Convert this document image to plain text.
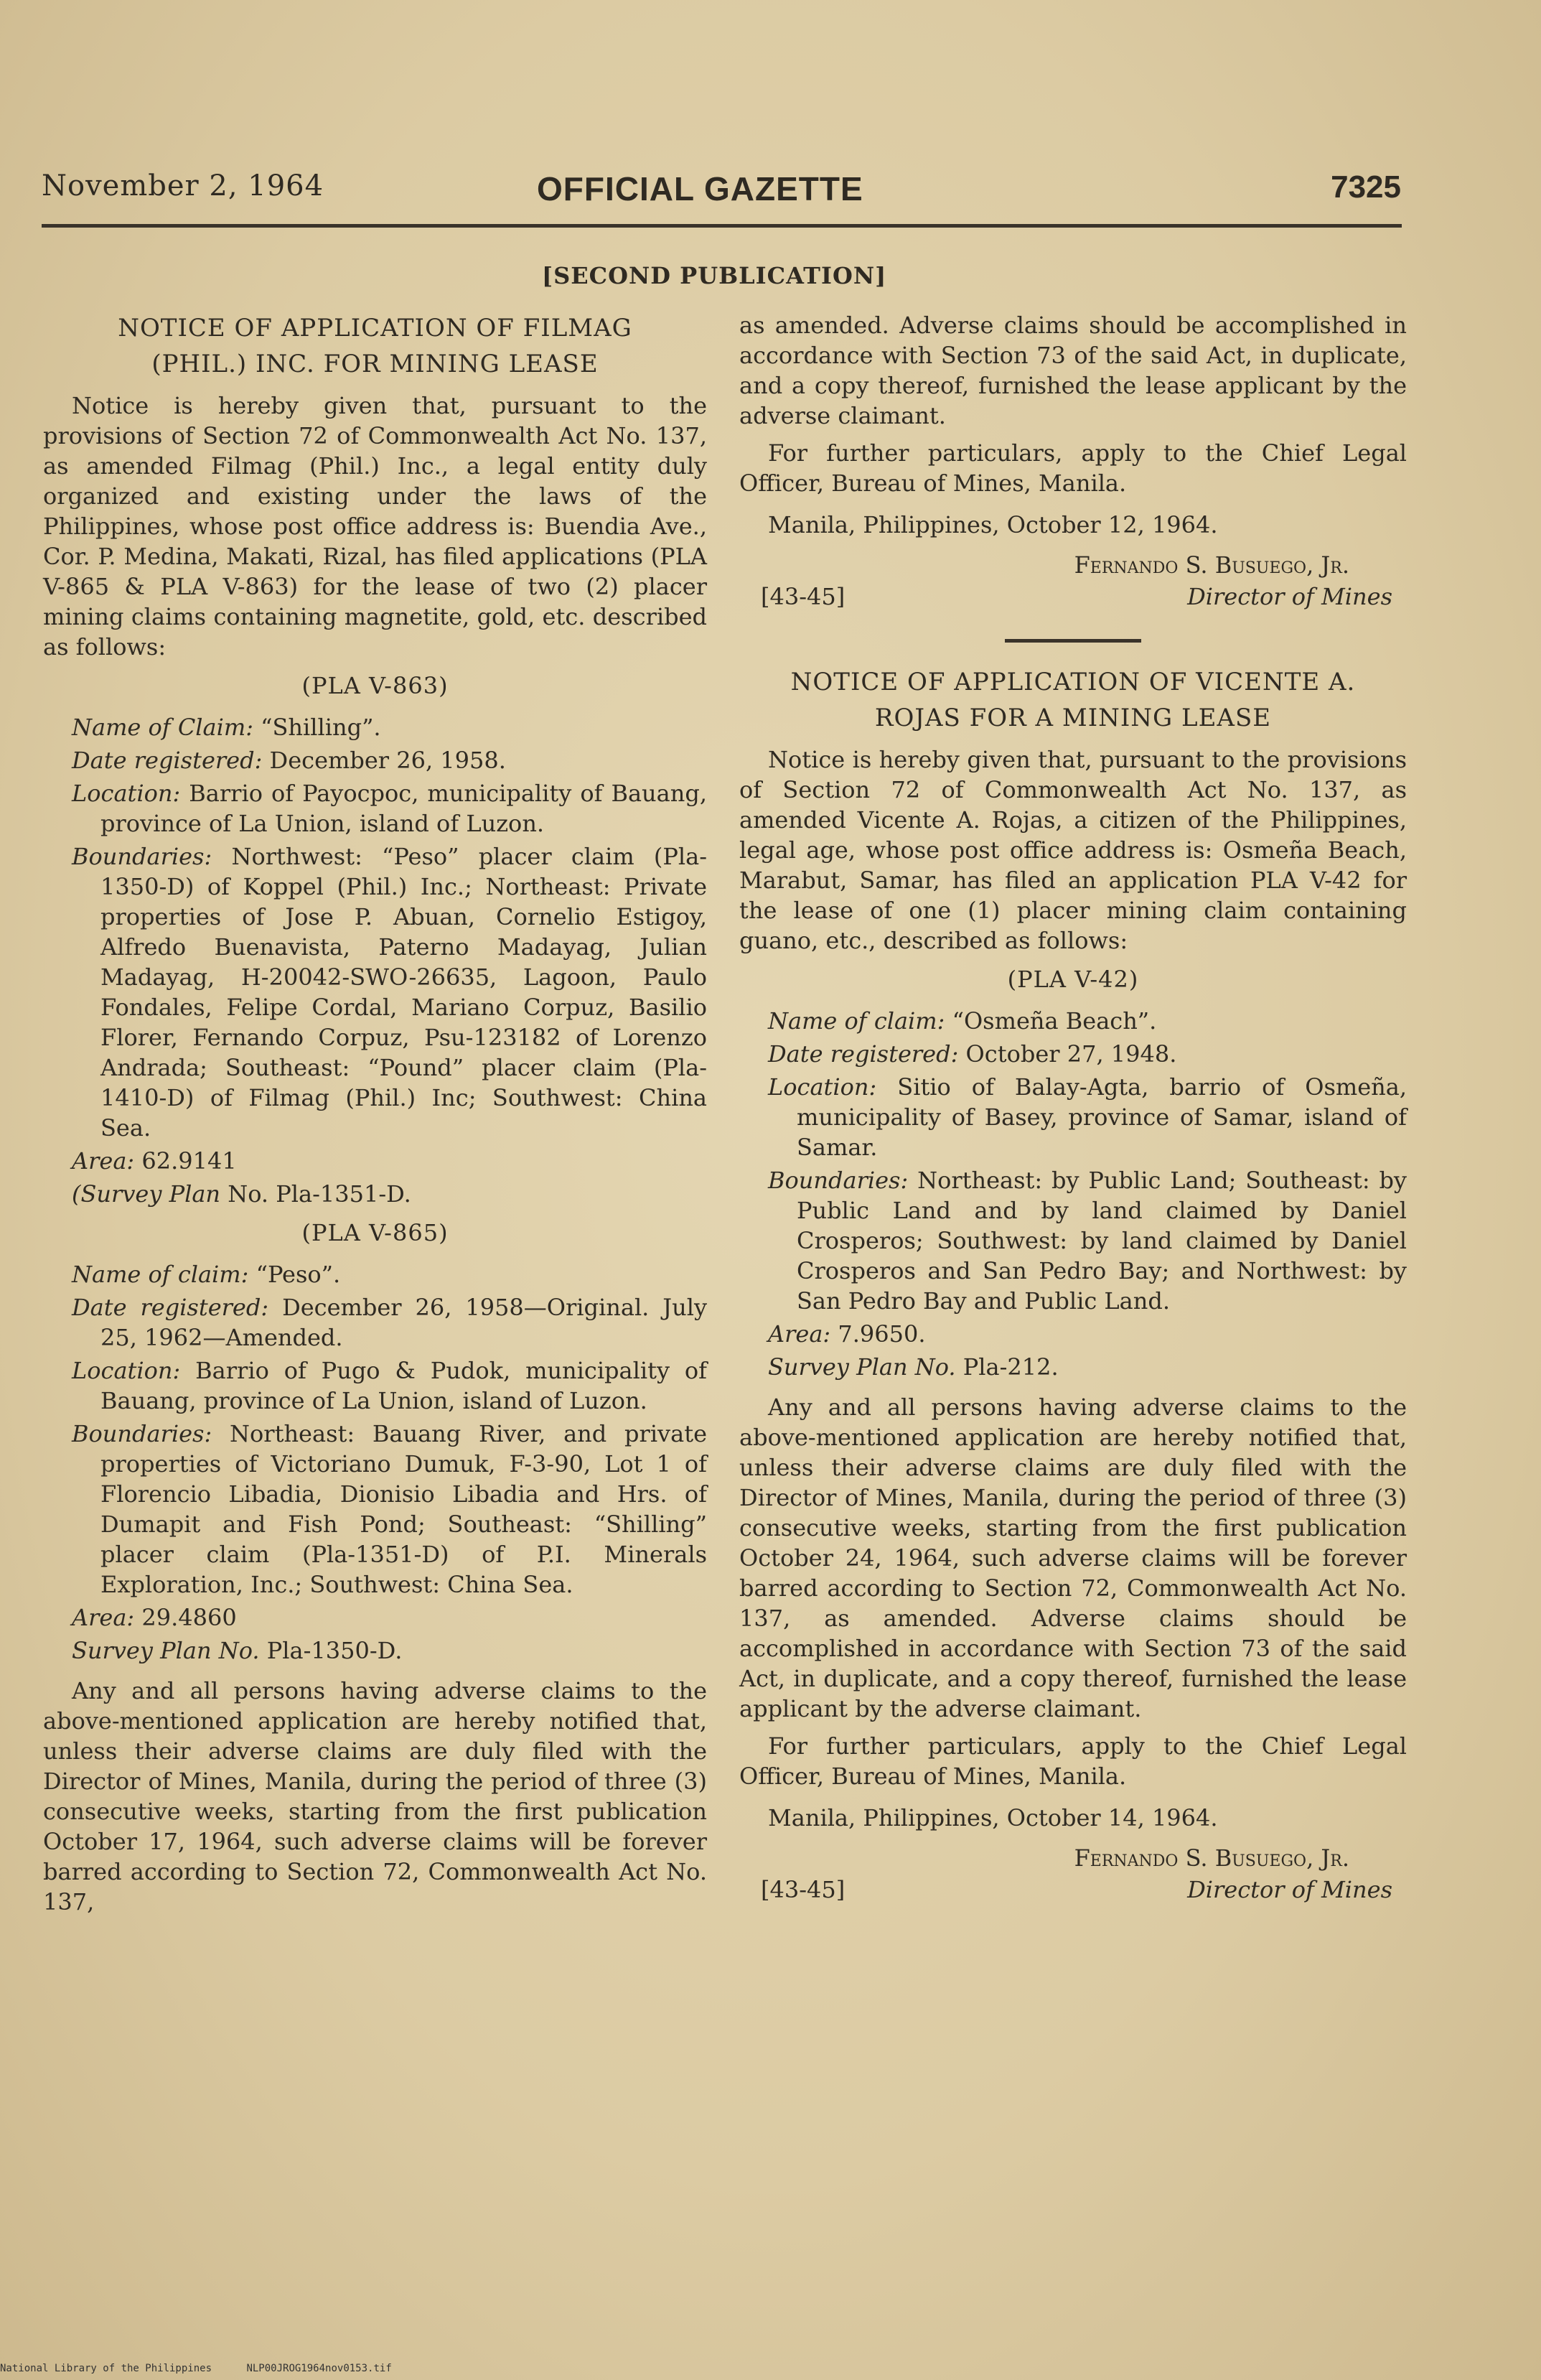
November 2, 1964	OFFICIAL GAZETTE	7325
[SECOND PUBLICATION]
NOTICE OF APPLICATION OF FILMAG
(PHIL.) INC. FOR MINING LEASE

Notice is hereby given that, pursuant to the provisions of Section 72 of Commonwealth Act No. 137, as amended Filmag (Phil.) Inc., a legal entity duly organized and existing under the laws of the Philippines, whose post office address is: Buendia Ave., Cor. P. Medina, Makati, Rizal, has filed applications (PLA V-865 & PLA V-863) for the lease of two (2) placer mining claims containing magnetite, gold, etc. described as follows:

(PLA V-863)
Name of Claim: “Shilling”.
Date registered: December 26, 1958.
Location: Barrio of Payocpoc, municipality of Bauang, province of La Union, island of Luzon.
Boundaries: Northwest: “Peso” placer claim (Pla-1350-D) of Koppel (Phil.) Inc.; Northeast: Private properties of Jose P. Abuan, Cornelio Estigoy, Alfredo Buenavista, Paterno Madayag, Julian Madayag, H-20042-SWO-26635, Lagoon, Paulo Fondales, Felipe Cordal, Mariano Corpuz, Basilio Florer, Fernando Corpuz, Psu-123182 of Lorenzo Andrada; Southeast: “Pound” placer claim (Pla-1410-D) of Filmag (Phil.) Inc; Southwest: China Sea.
Area: 62.9141
(Survey Plan No. Pla-1351-D.
(PLA V-865)
Name of claim: “Peso”.
Date registered: December 26, 1958—Original. July 25, 1962—Amended.
Location: Barrio of Pugo & Pudok, municipality of Bauang, province of La Union, island of Luzon.
Boundaries: Northeast: Bauang River, and private properties of Victoriano Dumuk, F-3-90, Lot 1 of Florencio Libadia, Dionisio Libadia and Hrs. of Dumapit and Fish Pond; Southeast: “Shilling” placer claim (Pla-1351-D) of P.I. Minerals Exploration, Inc.; Southwest: China Sea.
Area: 29.4860
Survey Plan No. Pla-1350-D.

Any and all persons having adverse claims to the above-mentioned application are hereby notified that, unless their adverse claims are duly filed with the Director of Mines, Manila, during the period of three (3) consecutive weeks, starting from the first publication October 17, 1964, such adverse claims will be forever barred according to Section 72, Commonwealth Act No. 137,

as amended. Adverse claims should be accomplished in accordance with Section 73 of the said Act, in duplicate, and a copy thereof, furnished the lease applicant by the adverse claimant.

For further particulars, apply to the Chief Legal Officer, Bureau of Mines, Manila.

Manila, Philippines, October 12, 1964.
Fernando S. Busuego, Jr.
[43-45]	Director of Mines
NOTICE OF APPLICATION OF VICENTE A.
ROJAS FOR A MINING LEASE

Notice is hereby given that, pursuant to the provisions of Section 72 of Commonwealth Act No. 137, as amended Vicente A. Rojas, a citizen of the Philippines, legal age, whose post office address is: Osmeña Beach, Marabut, Samar, has filed an application PLA V-42 for the lease of one (1) placer mining claim containing guano, etc., described as follows:

(PLA V-42)
Name of claim: “Osmeña Beach”.
Date registered: October 27, 1948.
Location: Sitio of Balay-Agta, barrio of Osmeña, municipality of Basey, province of Samar, island of Samar.
Boundaries: Northeast: by Public Land; Southeast: by Public Land and by land claimed by Daniel Crosperos; Southwest: by land claimed by Daniel Crosperos and San Pedro Bay; and Northwest: by San Pedro Bay and Public Land.
Area: 7.9650.
Survey Plan No. Pla-212.

Any and all persons having adverse claims to the above-mentioned application are hereby notified that, unless their adverse claims are duly filed with the Director of Mines, Manila, during the period of three (3) consecutive weeks, starting from the first publication October 24, 1964, such adverse claims will be forever barred according to Section 72, Commonwealth Act No. 137, as amended. Adverse claims should be accomplished in accordance with Section 73 of the said Act, in duplicate, and a copy thereof, furnished the lease applicant by the adverse claimant.

For further particulars, apply to the Chief Legal Officer, Bureau of Mines, Manila.

Manila, Philippines, October 14, 1964.
Fernando S. Busuego, Jr.
[43-45]	Director of Mines
National Library of the Philippines	NLP00JROG1964nov0153.tif
